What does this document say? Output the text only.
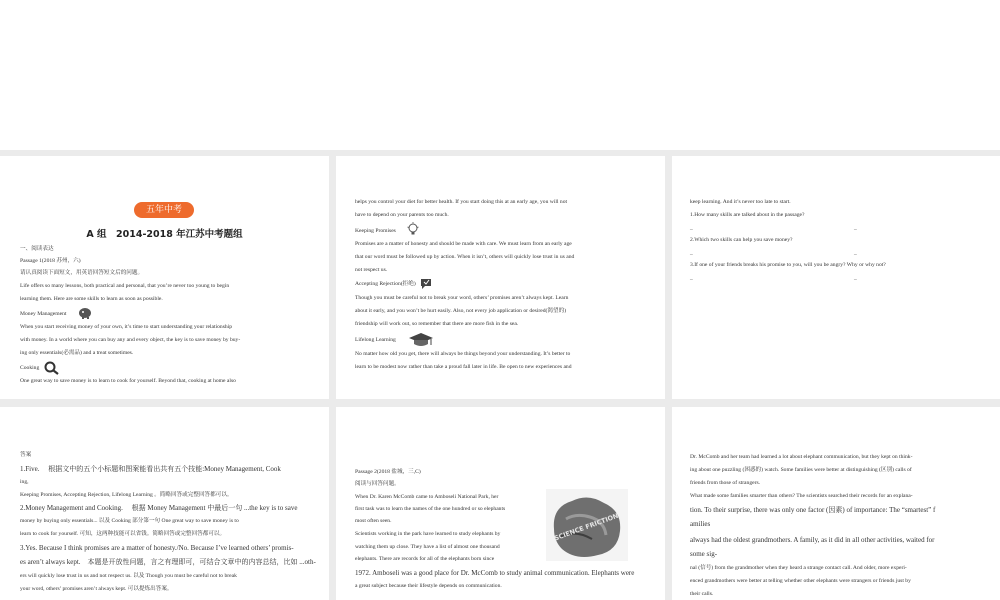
五年中考
A 组　2014-2018 年江苏中考题组
一、阅读表达
Passage 1(2018 苏州，六)
请认真阅读下面短文，用英语回答短文后的问题。
Life offers so many lessons, both practical and personal, that you’re never too young to begin
learning them. Here are some skills to learn as soon as possible.
Money Management
When you start receiving money of your own, it’s time to start understanding your relationship
with money. In a world where you can buy any and every object, the key is to save money by buy-
ing only essentials(必需品) and a treat sometimes.
Cooking
One great way to save money is to learn to cook for yourself. Beyond that, cooking at home also
helps you control your diet for better health. If you start doing this at an early age, you will not
have to depend on your parents too much.
Keeping Promises
Promises are a matter of honesty and should be made with care. We must learn from an early age
that our word must be followed up by action. When it isn’t, others will quickly lose trust in us and
not respect us.
Accepting Rejection(拒绝)
Though you must be careful not to break your word, others’ promises aren’t always kept. Learn
about it early, and you won’t be hurt easily. Also, not every job application or desired(渴望的)
friendship will work out, so remember that there are more fish in the sea.
Lifelong Learning
No matter how old you get, there will always be things beyond your understanding. It’s better to
learn to be modest now rather than take a proud fall later in life. Be open to new experiences and
keep learning. And it’s never too late to start.
1.How many skills are talked about in the passage?
_	_
2.Which two skills can help you save money?
_	_
3.If one of your friends breaks his promise to you, will you be angry? Why or why not?
_	_
答案
1.Five.　 根据文中的五个小标题和图案能看出共有五个技能:Money Management, Cook
ing,
Keeping Promises, Accepting Rejection, Lifelong Learning 。简略回答或完整回答都可以。
2.Money Management and Cooking.　 根据 Money Management 中最后一句 ...the key is to save
money by buying only essentials... 以及 Cooking 部分第一句 One great way to save money is to
learn to cook for yourself. 可知，这两种技能可以省钱。简略回答或完整回答都可以。
3.Yes. Because I think promises are a matter of honesty./No. Because I’ve learned others’ promis-
es aren’t always kept.　本题是开放性问题，言之有理即可，可结合文章中的内容总结，比如 ...oth-
ers will quickly lose trust in us and not respect us. 以及 Though you must be careful not to break
your word, others’ promises aren’t always kept. 可以提炼出答案。
Passage 2(2018 盐城，三,C)
阅读与回答问题。
When Dr. Karen McComb came to Amboseli National Park, her
first task was to learn the names of the one hundred or so elephants
most often seen.
Scientists working in the park have learned to study elephants by
watching them up close. They have a list of almost one thousand
elephants. There are records for all of the elephants born since
1972. Amboseli was a good place for Dr. McComb to study animal communication. Elephants were
a great subject because their lifestyle depends on communication.
SCIENCE FRICTION
Dr. McComb and her team had learned a lot about elephant communication, but they kept on think-
ing about one puzzling (困惑的) watch. Some families were better at distinguishing (区别) calls of
friends from those of strangers.
What made some families smarter than others? The scientists searched their records for an explana-
tion. To their surprise, there was only one factor (因素) of importance: The “smartest” f
amilies
always had the oldest grandmothers. A family, as it did in all other activities, waited for
some sig-
nal (信号) from the grandmother when they heard a strange contact call. And older, more experi-
enced grandmothers were better at telling whether other elephants were strangers or friends just by
their calls.
